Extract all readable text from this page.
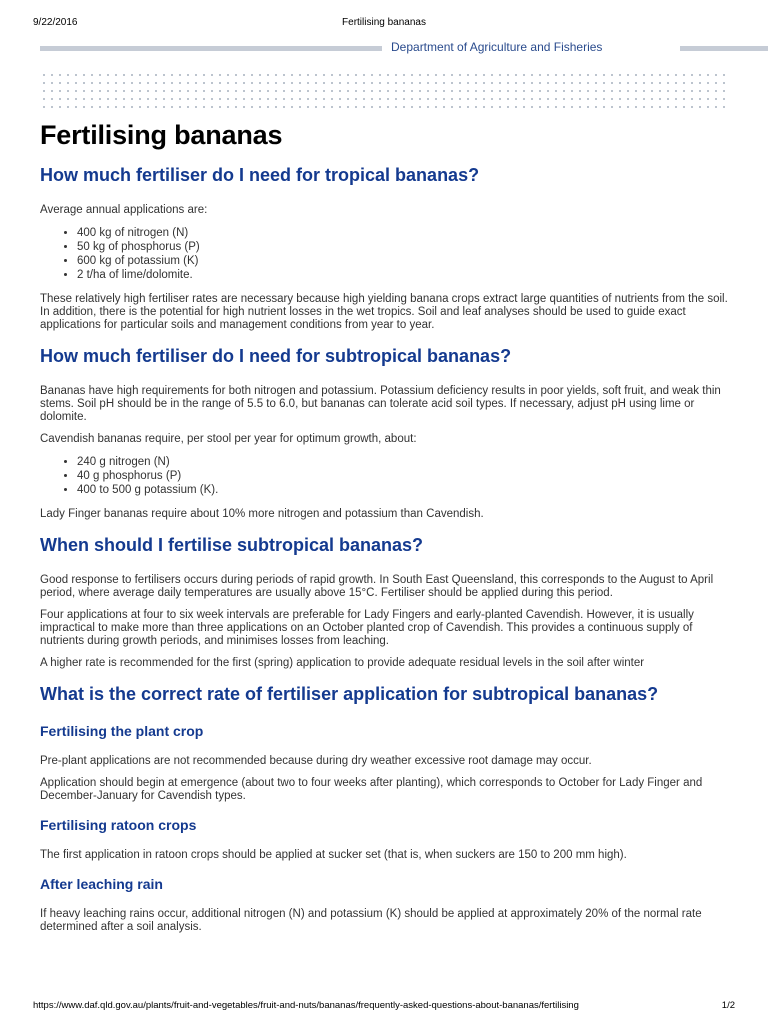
9/22/2016	Fertilising bananas
Department of Agriculture and Fisheries
Fertilising bananas
How much fertiliser do I need for tropical bananas?

Average annual applications are:

• 400 kg of nitrogen (N)
• 50 kg of phosphorus (P)
• 600 kg of potassium (K)
• 2 t/ha of lime/dolomite.

These relatively high fertiliser rates are necessary because high yielding banana crops extract large quantities of nutrients from the soil. In addition, there is the potential for high nutrient losses in the wet tropics. Soil and leaf analyses should be used to guide exact applications for particular soils and management conditions from year to year.

How much fertiliser do I need for subtropical bananas?

Bananas have high requirements for both nitrogen and potassium. Potassium deficiency results in poor yields, soft fruit, and weak thin stems. Soil pH should be in the range of 5.5 to 6.0, but bananas can tolerate acid soil types. If necessary, adjust pH using lime or dolomite.

Cavendish bananas require, per stool per year for optimum growth, about:

• 240 g nitrogen (N)
• 40 g phosphorus (P)
• 400 to 500 g potassium (K).

Lady Finger bananas require about 10% more nitrogen and potassium than Cavendish.

When should I fertilise subtropical bananas?

Good response to fertilisers occurs during periods of rapid growth. In South East Queensland, this corresponds to the August to April period, where average daily temperatures are usually above 15°C. Fertiliser should be applied during this period.

Four applications at four to six week intervals are preferable for Lady Fingers and early-planted Cavendish. However, it is usually impractical to make more than three applications on an October planted crop of Cavendish. This provides a continuous supply of nutrients during growth periods, and minimises losses from leaching.

A higher rate is recommended for the first (spring) application to provide adequate residual levels in the soil after winter

What is the correct rate of fertiliser application for subtropical bananas?
Fertilising the plant crop

Pre-plant applications are not recommended because during dry weather excessive root damage may occur.

Application should begin at emergence (about two to four weeks after planting), which corresponds to October for Lady Finger and December-January for Cavendish types.

Fertilising ratoon crops

The first application in ratoon crops should be applied at sucker set (that is, when suckers are 150 to 200 mm high).

After leaching rain

If heavy leaching rains occur, additional nitrogen (N) and potassium (K) should be applied at approximately 20% of the normal rate determined after a soil analysis.

https://www.daf.qld.gov.au/plants/fruit-and-vegetables/fruit-and-nuts/bananas/frequently-asked-questions-about-bananas/fertilising	1/2
